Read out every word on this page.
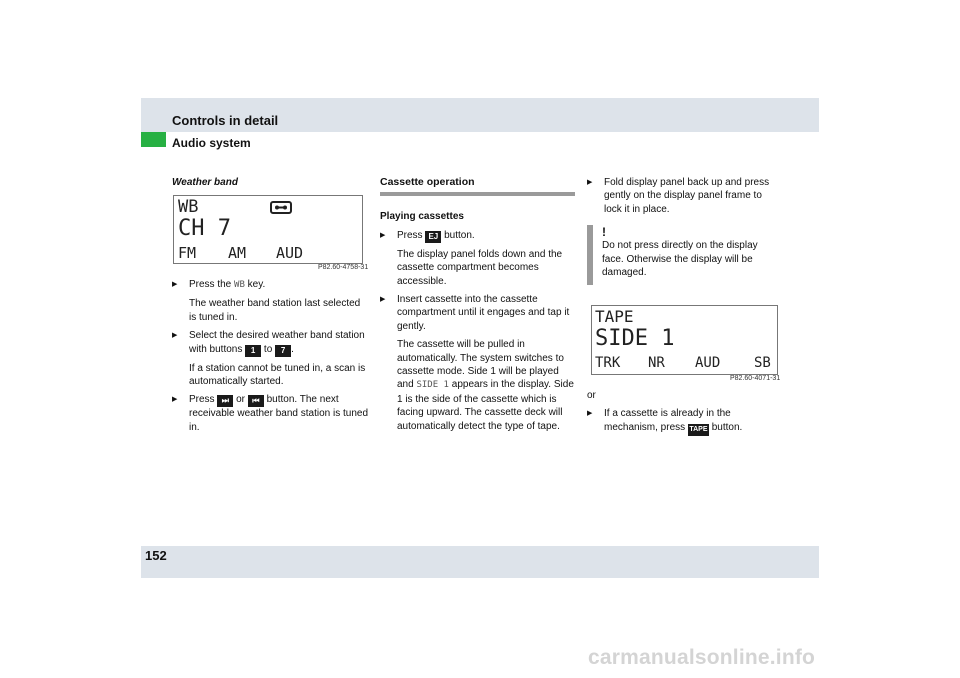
Controls in detail
Audio system

Weather band

WB
CH 7
FM AM AUD
P82.60-4758-31

▶ Press the WB key.

The weather band station last selected is tuned in.

▶ Select the desired weather band station with buttons 1 to 7 .

If a station cannot be tuned in, a scan is automatically started.

▶ Press ⏭ or ⏮ button. The next receivable weather band station is tuned in.

Cassette operation

Playing cassettes

▶ Press EJ button.

The display panel folds down and the cassette compartment becomes accessible.

▶ Insert cassette into the cassette compartment until it engages and tap it gently.

The cassette will be pulled in automatically. The system switches to cassette mode. Side 1 will be played and SIDE 1 appears in the display. Side 1 is the side of the cassette which is facing upward. The cassette deck will automatically detect the type of tape.

▶ Fold display panel back up and press gently on the display panel frame to lock it in place.

!

Do not press directly on the display face. Otherwise the display will be damaged.

TAPE
SIDE 1
TRK NR AUD SB
P82.60-4071-31

or

▶ If a cassette is already in the mechanism, press TAPE button.

152
carmanualsonline.info
